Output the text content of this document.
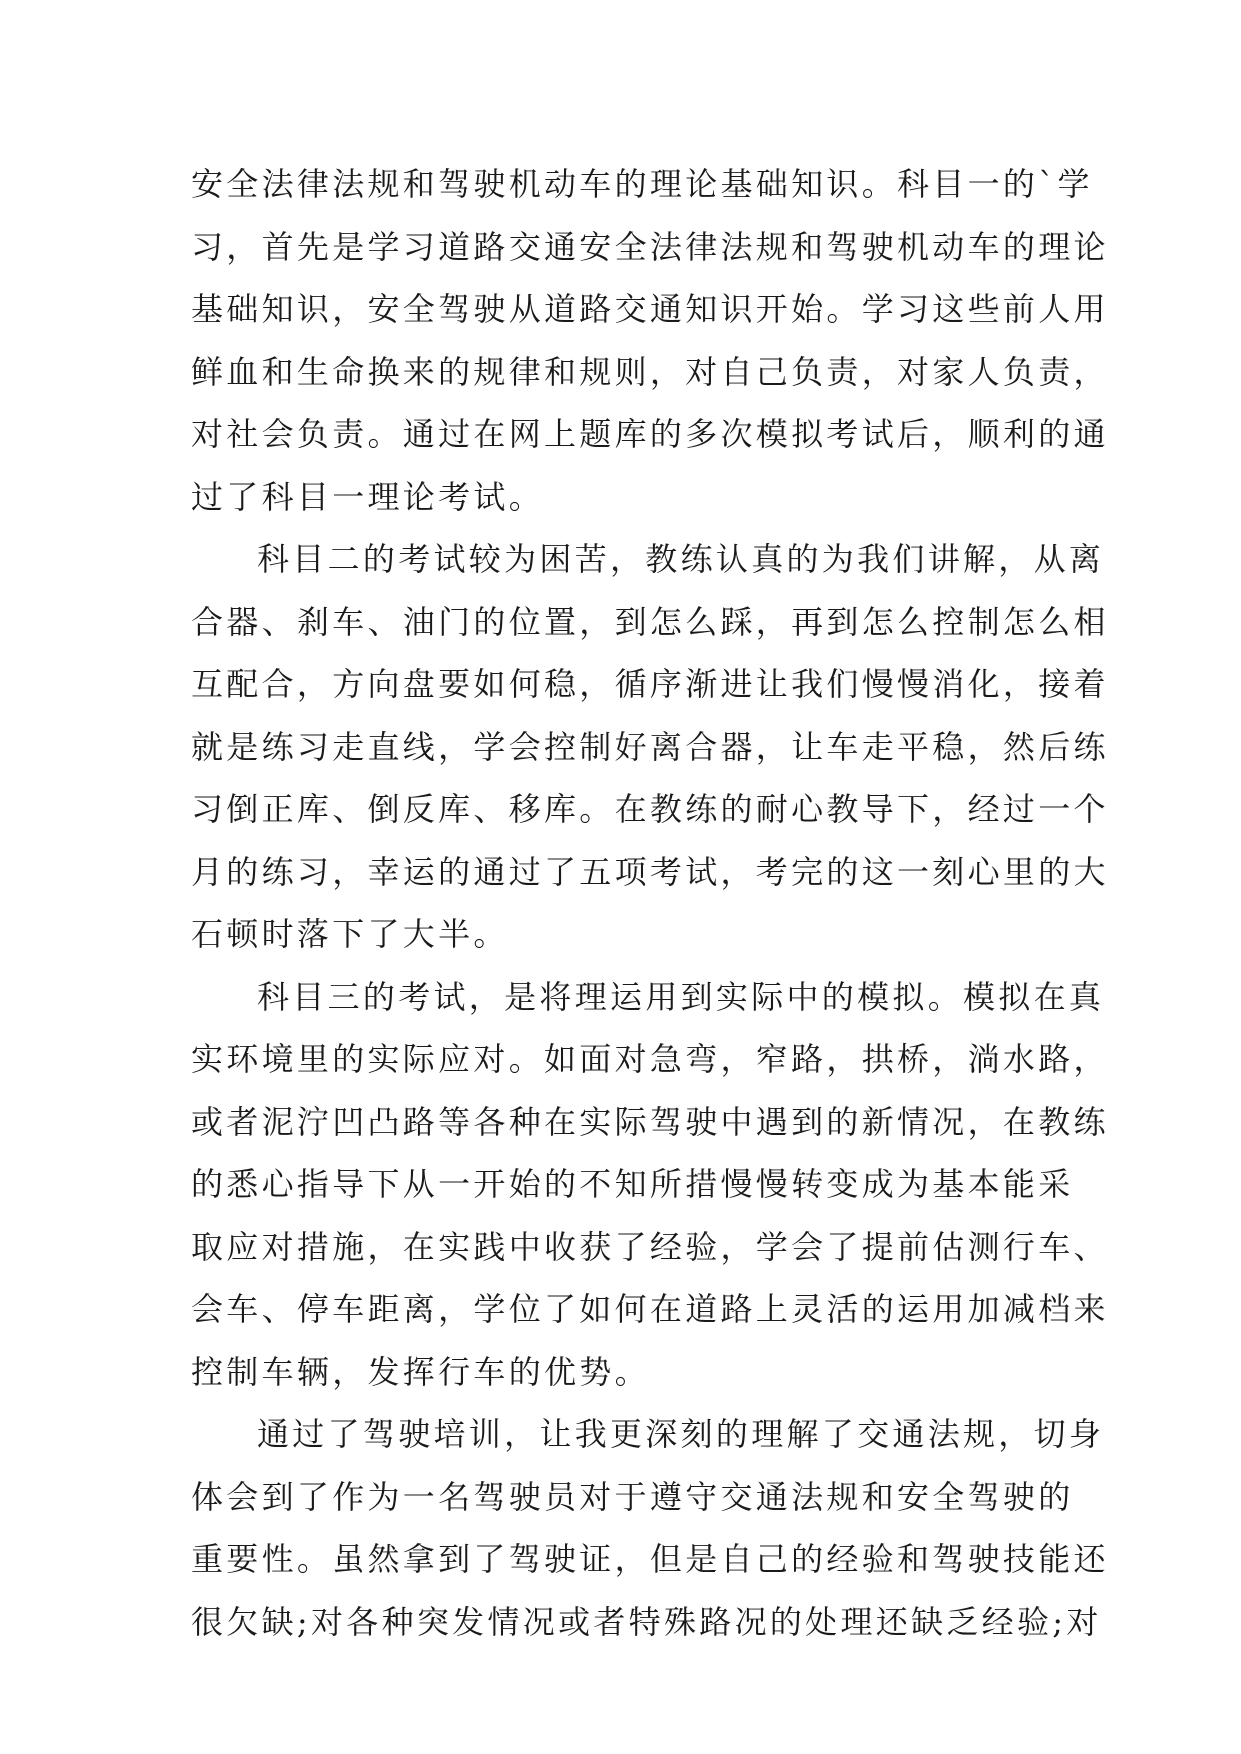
安全法律法规和驾驶机动车的理论基础知识。科目一的`学
习，首先是学习道路交通安全法律法规和驾驶机动车的理论
基础知识，安全驾驶从道路交通知识开始。学习这些前人用
鲜血和生命换来的规律和规则，对自己负责，对家人负责，
对社会负责。通过在网上题库的多次模拟考试后，顺利的通
过了科目一理论考试。
科目二的考试较为困苦，教练认真的为我们讲解，从离
合器、刹车、油门的位置，到怎么踩，再到怎么控制怎么相
互配合，方向盘要如何稳，循序渐进让我们慢慢消化，接着
就是练习走直线，学会控制好离合器，让车走平稳，然后练
习倒正库、倒反库、移库。在教练的耐心教导下，经过一个
月的练习，幸运的通过了五项考试，考完的这一刻心里的大
石顿时落下了大半。
科目三的考试，是将理运用到实际中的模拟。模拟在真
实环境里的实际应对。如面对急弯，窄路，拱桥，淌水路，
或者泥泞凹凸路等各种在实际驾驶中遇到的新情况，在教练
的悉心指导下从一开始的不知所措慢慢转变成为基本能采
取应对措施，在实践中收获了经验，学会了提前估测行车、
会车、停车距离，学位了如何在道路上灵活的运用加减档来
控制车辆，发挥行车的优势。
通过了驾驶培训，让我更深刻的理解了交通法规，切身
体会到了作为一名驾驶员对于遵守交通法规和安全驾驶的
重要性。虽然拿到了驾驶证，但是自己的经验和驾驶技能还
很欠缺;对各种突发情况或者特殊路况的处理还缺乏经验;对
